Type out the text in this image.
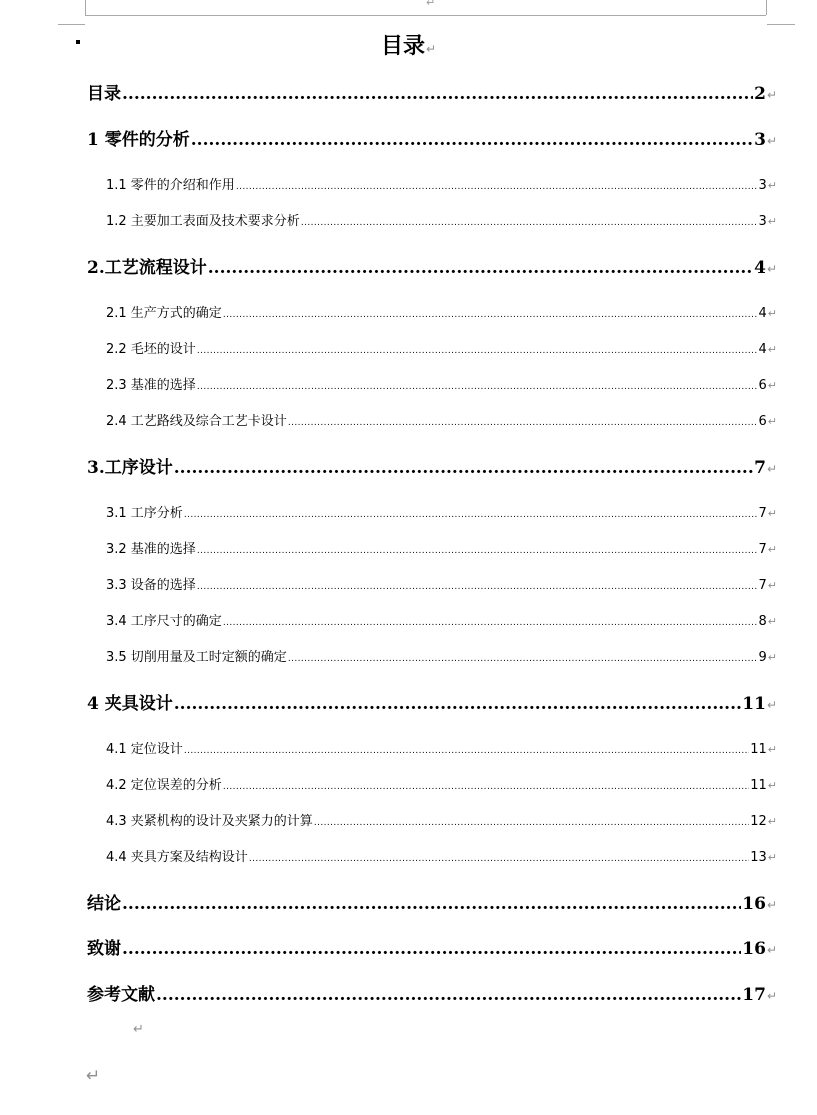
↵
目录↵
目录 .....	2 ↵
1 零件的分析 .....	3 ↵
1.1 零件的介绍和作用 .....	3 ↵
1.2 主要加工表面及技术要求分析 .....	3 ↵
2.工艺流程设计 .....	4 ↵
2.1 生产方式的确定 .....	4 ↵
2.2 毛坯的设计 .....	4 ↵
2.3 基准的选择 .....	6 ↵
2.4 工艺路线及综合工艺卡设计 .....	6 ↵
3.工序设计 .....	7 ↵
3.1 工序分析 .....	7 ↵
3.2 基准的选择 .....	7 ↵
3.3 设备的选择 .....	7 ↵
3.4 工序尺寸的确定 .....	8 ↵
3.5 切削用量及工时定额的确定 .....	9 ↵
4 夹具设计 .....	11 ↵
4.1 定位设计 .....	11 ↵
4.2 定位误差的分析 .....	11 ↵
4.3 夹紧机构的设计及夹紧力的计算 .....	12 ↵
4.4 夹具方案及结构设计 .....	13 ↵
结论 .....	16 ↵
致谢 .....	16 ↵
参考文献 .....	17 ↵
↵
↵
